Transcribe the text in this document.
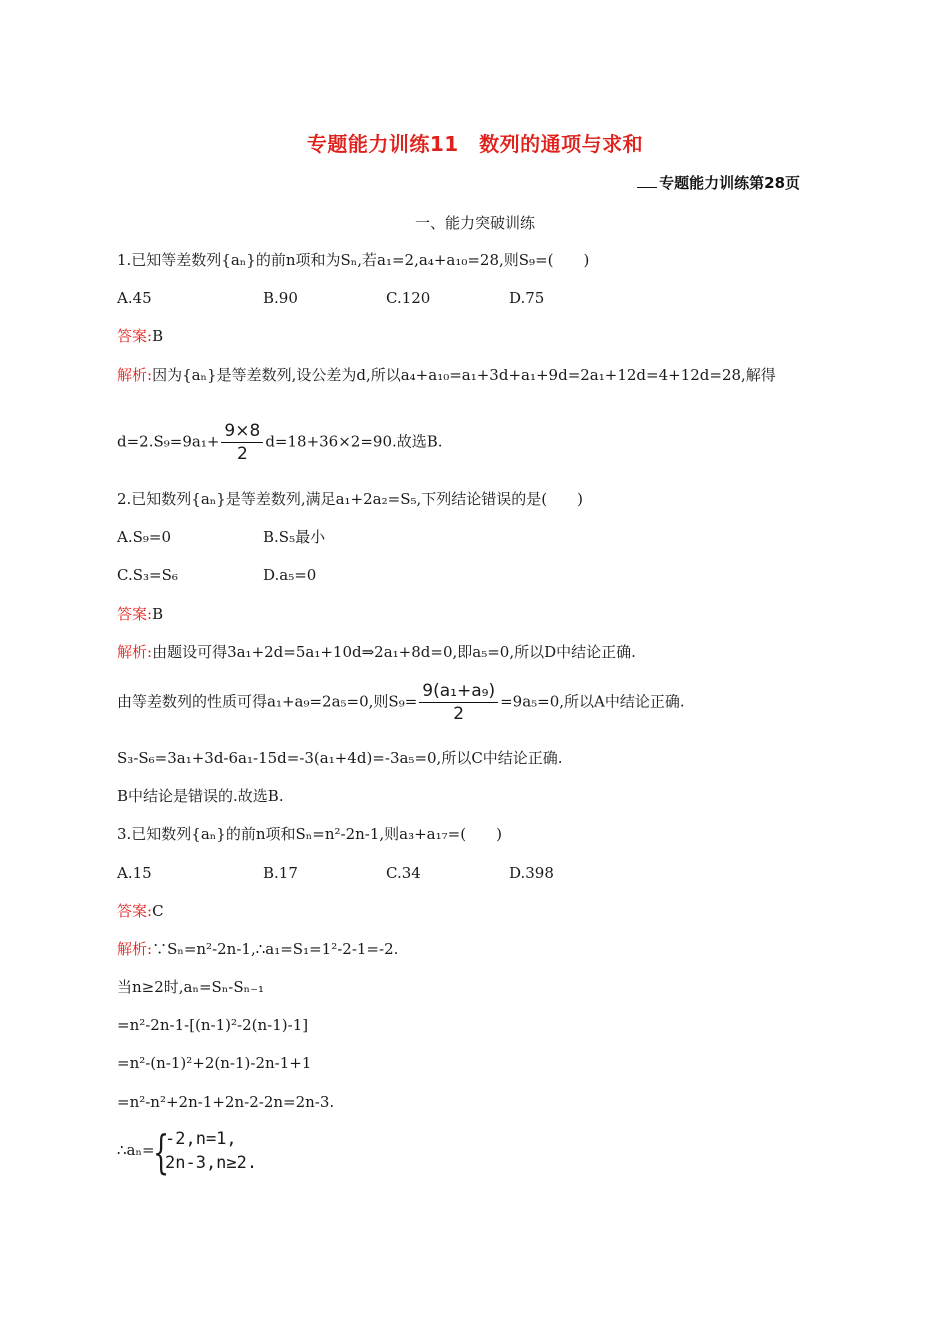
专题能力训练11　数列的通项与求和
专题能力训练第28页
一、能力突破训练
1.已知等差数列{aₙ}的前n项和为Sₙ,若a₁=2,a₄+a₁₀=28,则S₉=(　　)
A.45	B.90	C.120	D.75
答案:B
解析:因为{aₙ}是等差数列,设公差为d,所以a₄+a₁₀=a₁+3d+a₁+9d=2a₁+12d=4+12d=28,解得
$d=2.S_9=9a_1+ \frac{9\times 8}{2} d=18+36\times 2=90$.故选B.
2.已知数列{aₙ}是等差数列,满足a₁+2a₂=S₅,下列结论错误的是(　　)
A.S₉=0	B.S₅最小
C.S₃=S₆	D.a₅=0
答案:B
解析:由题设可得3a₁+2d=5a₁+10d⇒2a₁+8d=0,即a₅=0,所以D中结论正确.
由等差数列的性质可得a₁+a₉=2a₅=0,则$S_9= \frac{\text{9(a₁+a₉)}}{2} =9a_5=0$,所以A中结论正确.
S₃-S₆=3a₁+3d-6a₁-15d=-3(a₁+4d)=-3a₅=0,所以C中结论正确.
B中结论是错误的.故选B.
3.已知数列{aₙ}的前n项和Sₙ=n²-2n-1,则a₃+a₁₇=(　　)
A.15	B.17	C.34	D.398
答案:C
解析:∵Sₙ=n²-2n-1,∴a₁=S₁=1²-2-1=-2.
当n≥2时,aₙ=Sₙ-Sₙ₋₁
=n²-2n-1-[(n-1)²-2(n-1)-1]
=n²-(n-1)²+2(n-1)-2n-1+1
=n²-n²+2n-1+2n-2-2n=2n-3.
∴aₙ=
{
-2,n=1,
2n-3,n≥2.
